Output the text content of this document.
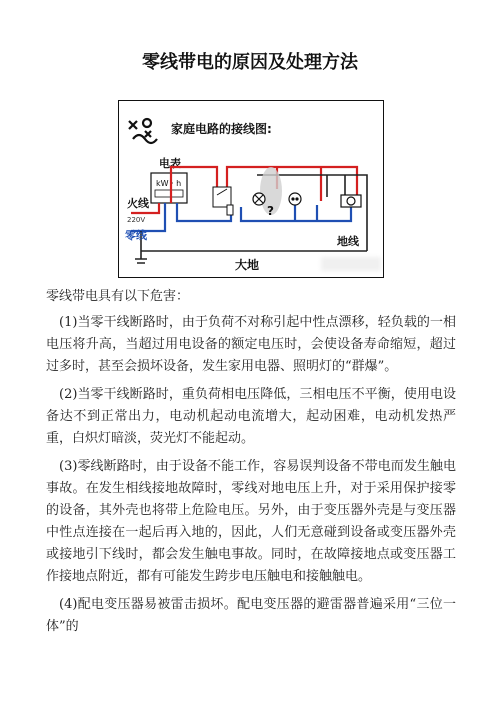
零线带电的原因及处理方法
家庭电路的接线图:
电表
kW · h
?
火线
220V
零线	地线
大地

零线带电具有以下危害：

(1)当零干线断路时，由于负荷不对称引起中性点漂移，轻负载的一相电压将升高，当超过用电设备的额定电压时，会使设备寿命缩短，超过过多时，甚至会损坏设备，发生家用电器、照明灯的“群爆”。

(2)当零干线断路时，重负荷相电压降低，三相电压不平衡，使用电设备达不到正常出力，电动机起动电流增大，起动困难，电动机发热严重，白炽灯暗淡，荧光灯不能起动。

(3)零线断路时，由于设备不能工作，容易误判设备不带电而发生触电事故。在发生相线接地故障时，零线对地电压上升，对于采用保护接零的设备，其外壳也将带上危险电压。另外，由于变压器外壳是与变压器中性点连接在一起后再入地的，因此，人们无意碰到设备或变压器外壳或接地引下线时，都会发生触电事故。同时，在故障接地点或变压器工作接地点附近，都有可能发生跨步电压触电和接触触电。

(4)配电变压器易被雷击损坏。配电变压器的避雷器普遍采用“三位一体”的
